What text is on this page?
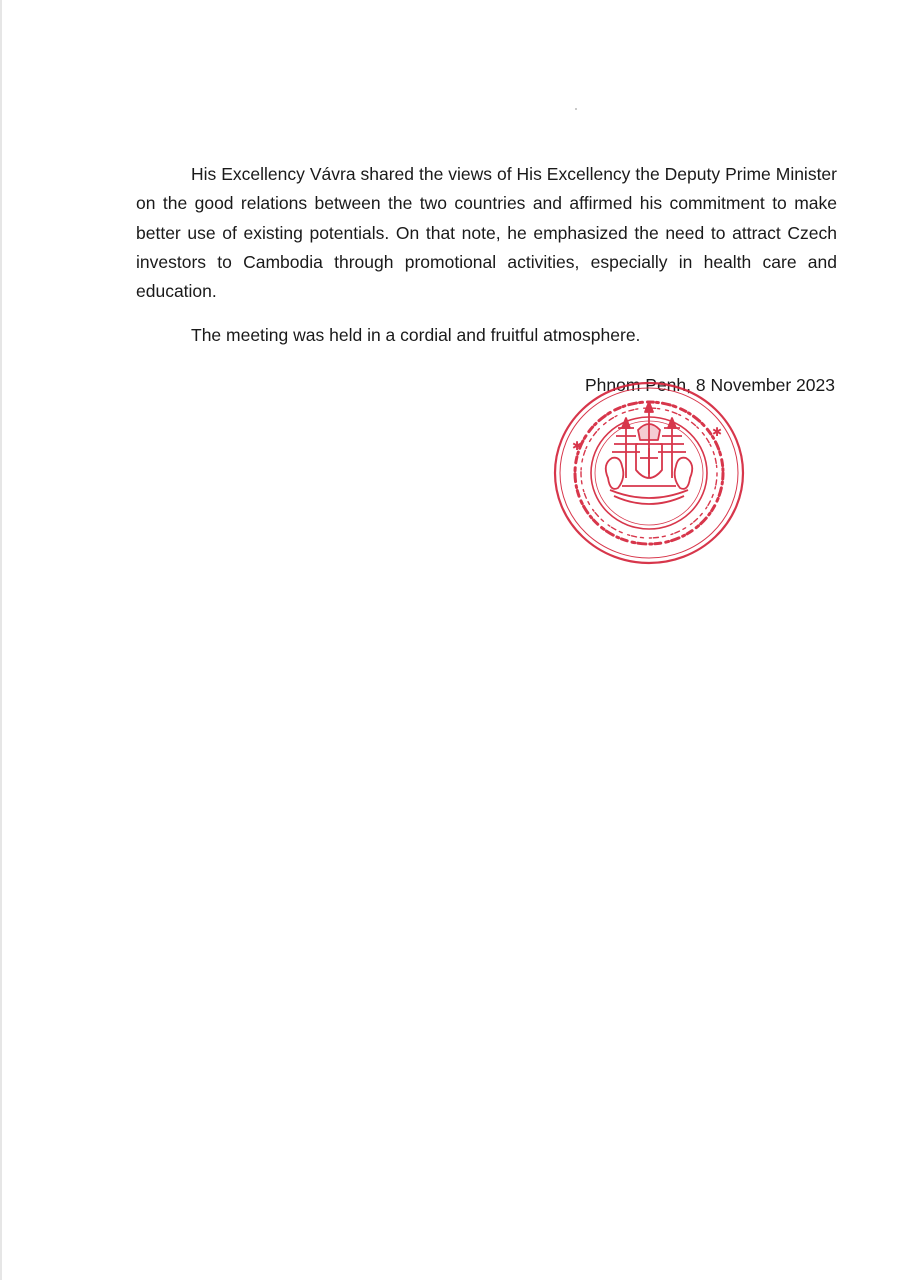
His Excellency Vávra shared the views of His Excellency the Deputy Prime Minister on the good relations between the two countries and affirmed his commitment to make better use of existing potentials. On that note, he emphasized the need to attract Czech investors to Cambodia through promotional activities, especially in health care and education.

The meeting was held in a cordial and fruitful atmosphere.

Phnom Penh, 8 November 2023
✱
✱
